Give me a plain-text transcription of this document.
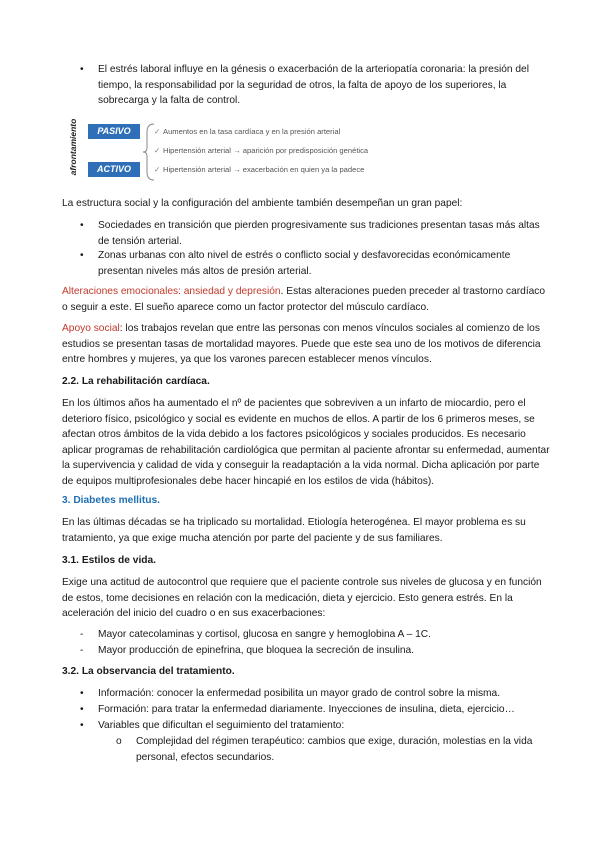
• El estrés laboral influye en la génesis o exacerbación de la arteriopatía coronaria: la presión del tiempo, la responsabilidad por la seguridad de otros, la falta de apoyo de los superiores, la sobrecarga y la falta de control.
afrontamiento	PASIVO
ACTIVO
✓ Aumentos en la tasa cardíaca y en la presión arterial
✓ Hipertensión arterial → aparición por predisposición genética
✓ Hipertensión arterial → exacerbación en quien ya la padece

La estructura social y la configuración del ambiente también desempeñan un gran papel:

• Sociedades en transición que pierden progresivamente sus tradiciones presentan tasas más altas de tensión arterial.
• Zonas urbanas con alto nivel de estrés o conflicto social y desfavorecidas económicamente presentan niveles más altos de presión arterial.

Alteraciones emocionales: ansiedad y depresión. Estas alteraciones pueden preceder al trastorno cardíaco o seguir a este. El sueño aparece como un factor protector del músculo cardíaco.

Apoyo social: los trabajos revelan que entre las personas con menos vínculos sociales al comienzo de los estudios se presentan tasas de mortalidad mayores. Puede que este sea uno de los motivos de diferencia entre hombres y mujeres, ya que los varones parecen establecer menos vínculos.

2.2. La rehabilitación cardíaca.

En los últimos años ha aumentado el nº de pacientes que sobreviven a un infarto de miocardio, pero el deterioro físico, psicológico y social es evidente en muchos de ellos. A partir de los 6 primeros meses, se afectan otros ámbitos de la vida debido a los factores psicológicos y sociales producidos. Es necesario aplicar programas de rehabilitación cardiológica que permitan al paciente afrontar su enfermedad, aumentar la supervivencia y calidad de vida y conseguir la readaptación a la vida normal. Dicha aplicación por parte de equipos multiprofesionales debe hacer hincapié en los estilos de vida (hábitos).

3. Diabetes mellitus.

En las últimas décadas se ha triplicado su mortalidad. Etiología heterogénea. El mayor problema es su tratamiento, ya que exige mucha atención por parte del paciente y de sus familiares.

3.1. Estilos de vida.

Exige una actitud de autocontrol que requiere que el paciente controle sus niveles de glucosa y en función de estos, tome decisiones en relación con la medicación, dieta y ejercicio. Esto genera estrés. En la aceleración del inicio del cuadro o en sus exacerbaciones:

- Mayor catecolaminas y cortisol, glucosa en sangre y hemoglobina A – 1C.
- Mayor producción de epinefrina, que bloquea la secreción de insulina.

3.2. La observancia del tratamiento.

• Información: conocer la enfermedad posibilita un mayor grado de control sobre la misma.
• Formación: para tratar la enfermedad diariamente. Inyecciones de insulina, dieta, ejercicio…
• Variables que dificultan el seguimiento del tratamiento:
o Complejidad del régimen terapéutico: cambios que exige, duración, molestias en la vida personal, efectos secundarios.
